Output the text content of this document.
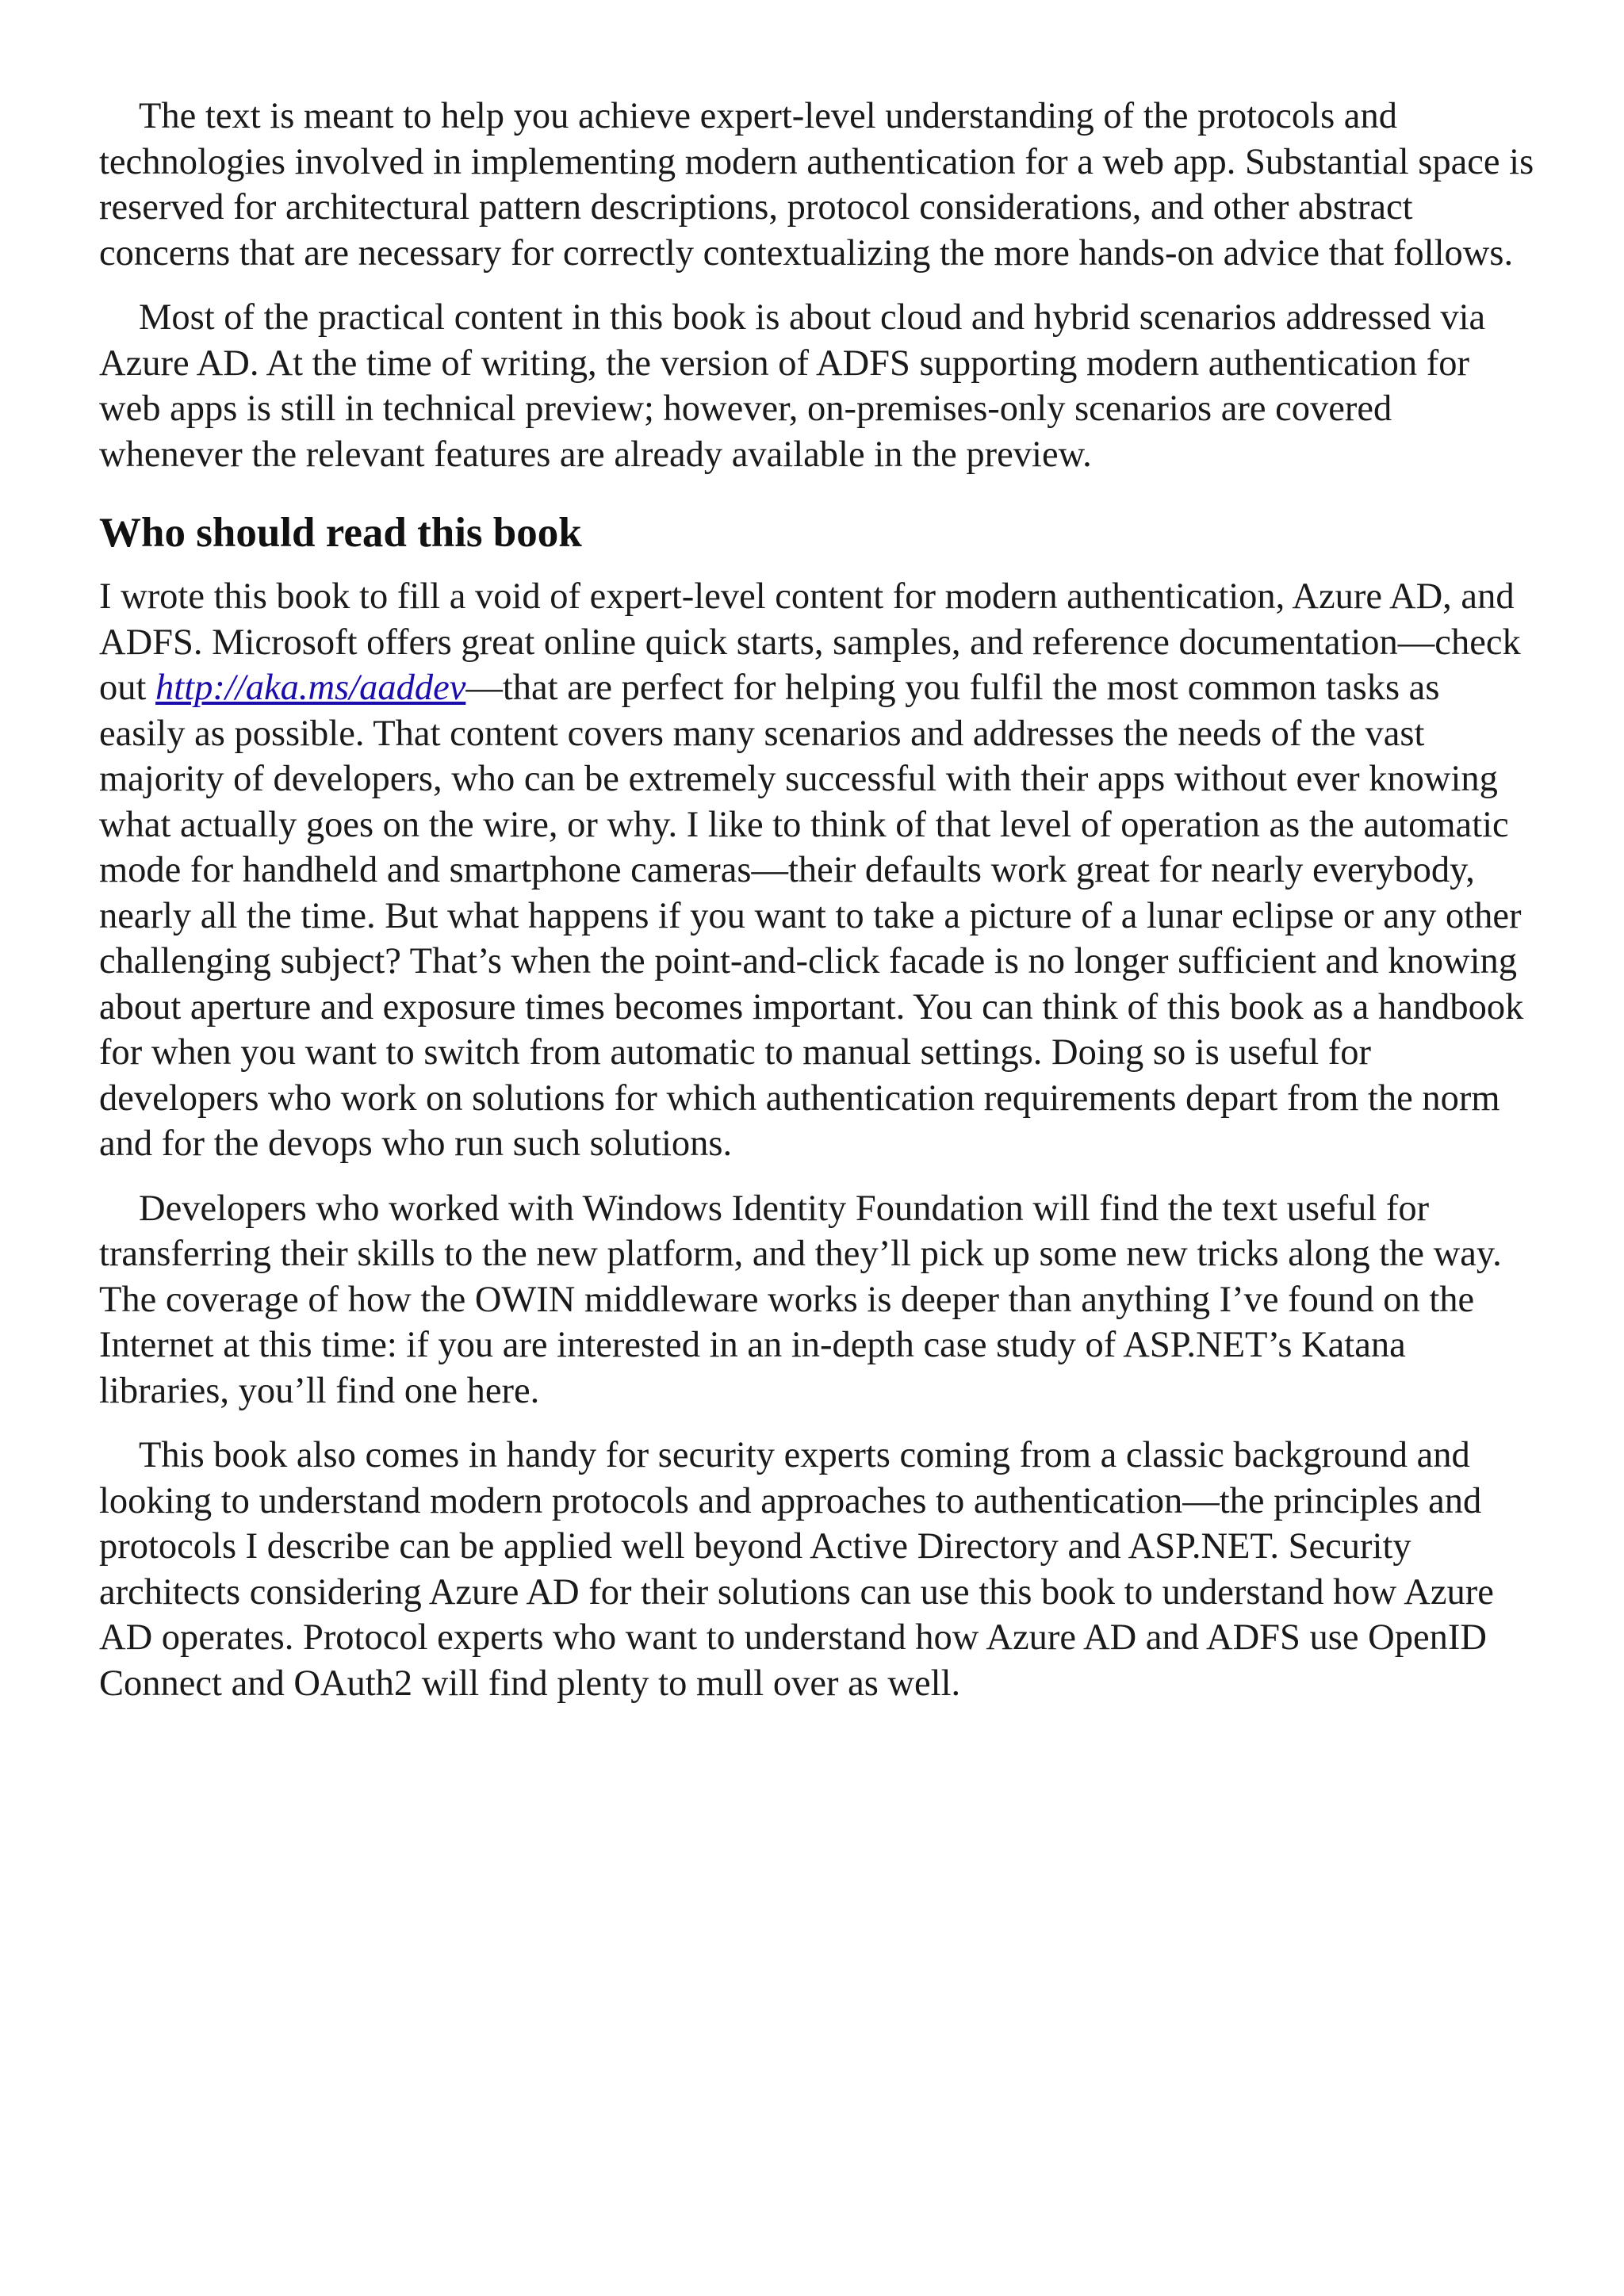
The text is meant to help you achieve expert-level understanding of the protocols and technologies involved in implementing modern authentication for a web app. Substantial space is reserved for architectural pattern descriptions, protocol considerations, and other abstract concerns that are necessary for correctly contextualizing the more hands-on advice that follows.

Most of the practical content in this book is about cloud and hybrid scenarios addressed via Azure AD. At the time of writing, the version of ADFS supporting modern authentication for web apps is still in technical preview; however, on-premises-only scenarios are covered whenever the relevant features are already available in the preview.

Who should read this book

I wrote this book to fill a void of expert-level content for modern authentication, Azure AD, and ADFS. Microsoft offers great online quick starts, samples, and reference documentation—check out http://aka.ms/aaddev—that are perfect for helping you fulfil the most common tasks as easily as possible. That content covers many scenarios and addresses the needs of the vast majority of developers, who can be extremely successful with their apps without ever knowing what actually goes on the wire, or why. I like to think of that level of operation as the automatic mode for handheld and smartphone cameras—their defaults work great for nearly everybody, nearly all the time. But what happens if you want to take a picture of a lunar eclipse or any other challenging subject? That’s when the point-and-click facade is no longer sufficient and knowing about aperture and exposure times becomes important. You can think of this book as a handbook for when you want to switch from automatic to manual settings. Doing so is useful for developers who work on solutions for which authentication requirements depart from the norm and for the devops who run such solutions.

Developers who worked with Windows Identity Foundation will find the text useful for transferring their skills to the new platform, and they’ll pick up some new tricks along the way. The coverage of how the OWIN middleware works is deeper than anything I’ve found on the Internet at this time: if you are interested in an in-depth case study of ASP.NET’s Katana libraries, you’ll find one here.

This book also comes in handy for security experts coming from a classic background and looking to understand modern protocols and approaches to authentication—the principles and protocols I describe can be applied well beyond Active Directory and ASP.NET. Security architects considering Azure AD for their solutions can use this book to understand how Azure AD operates. Protocol experts who want to understand how Azure AD and ADFS use OpenID Connect and OAuth2 will find plenty to mull over as well.
